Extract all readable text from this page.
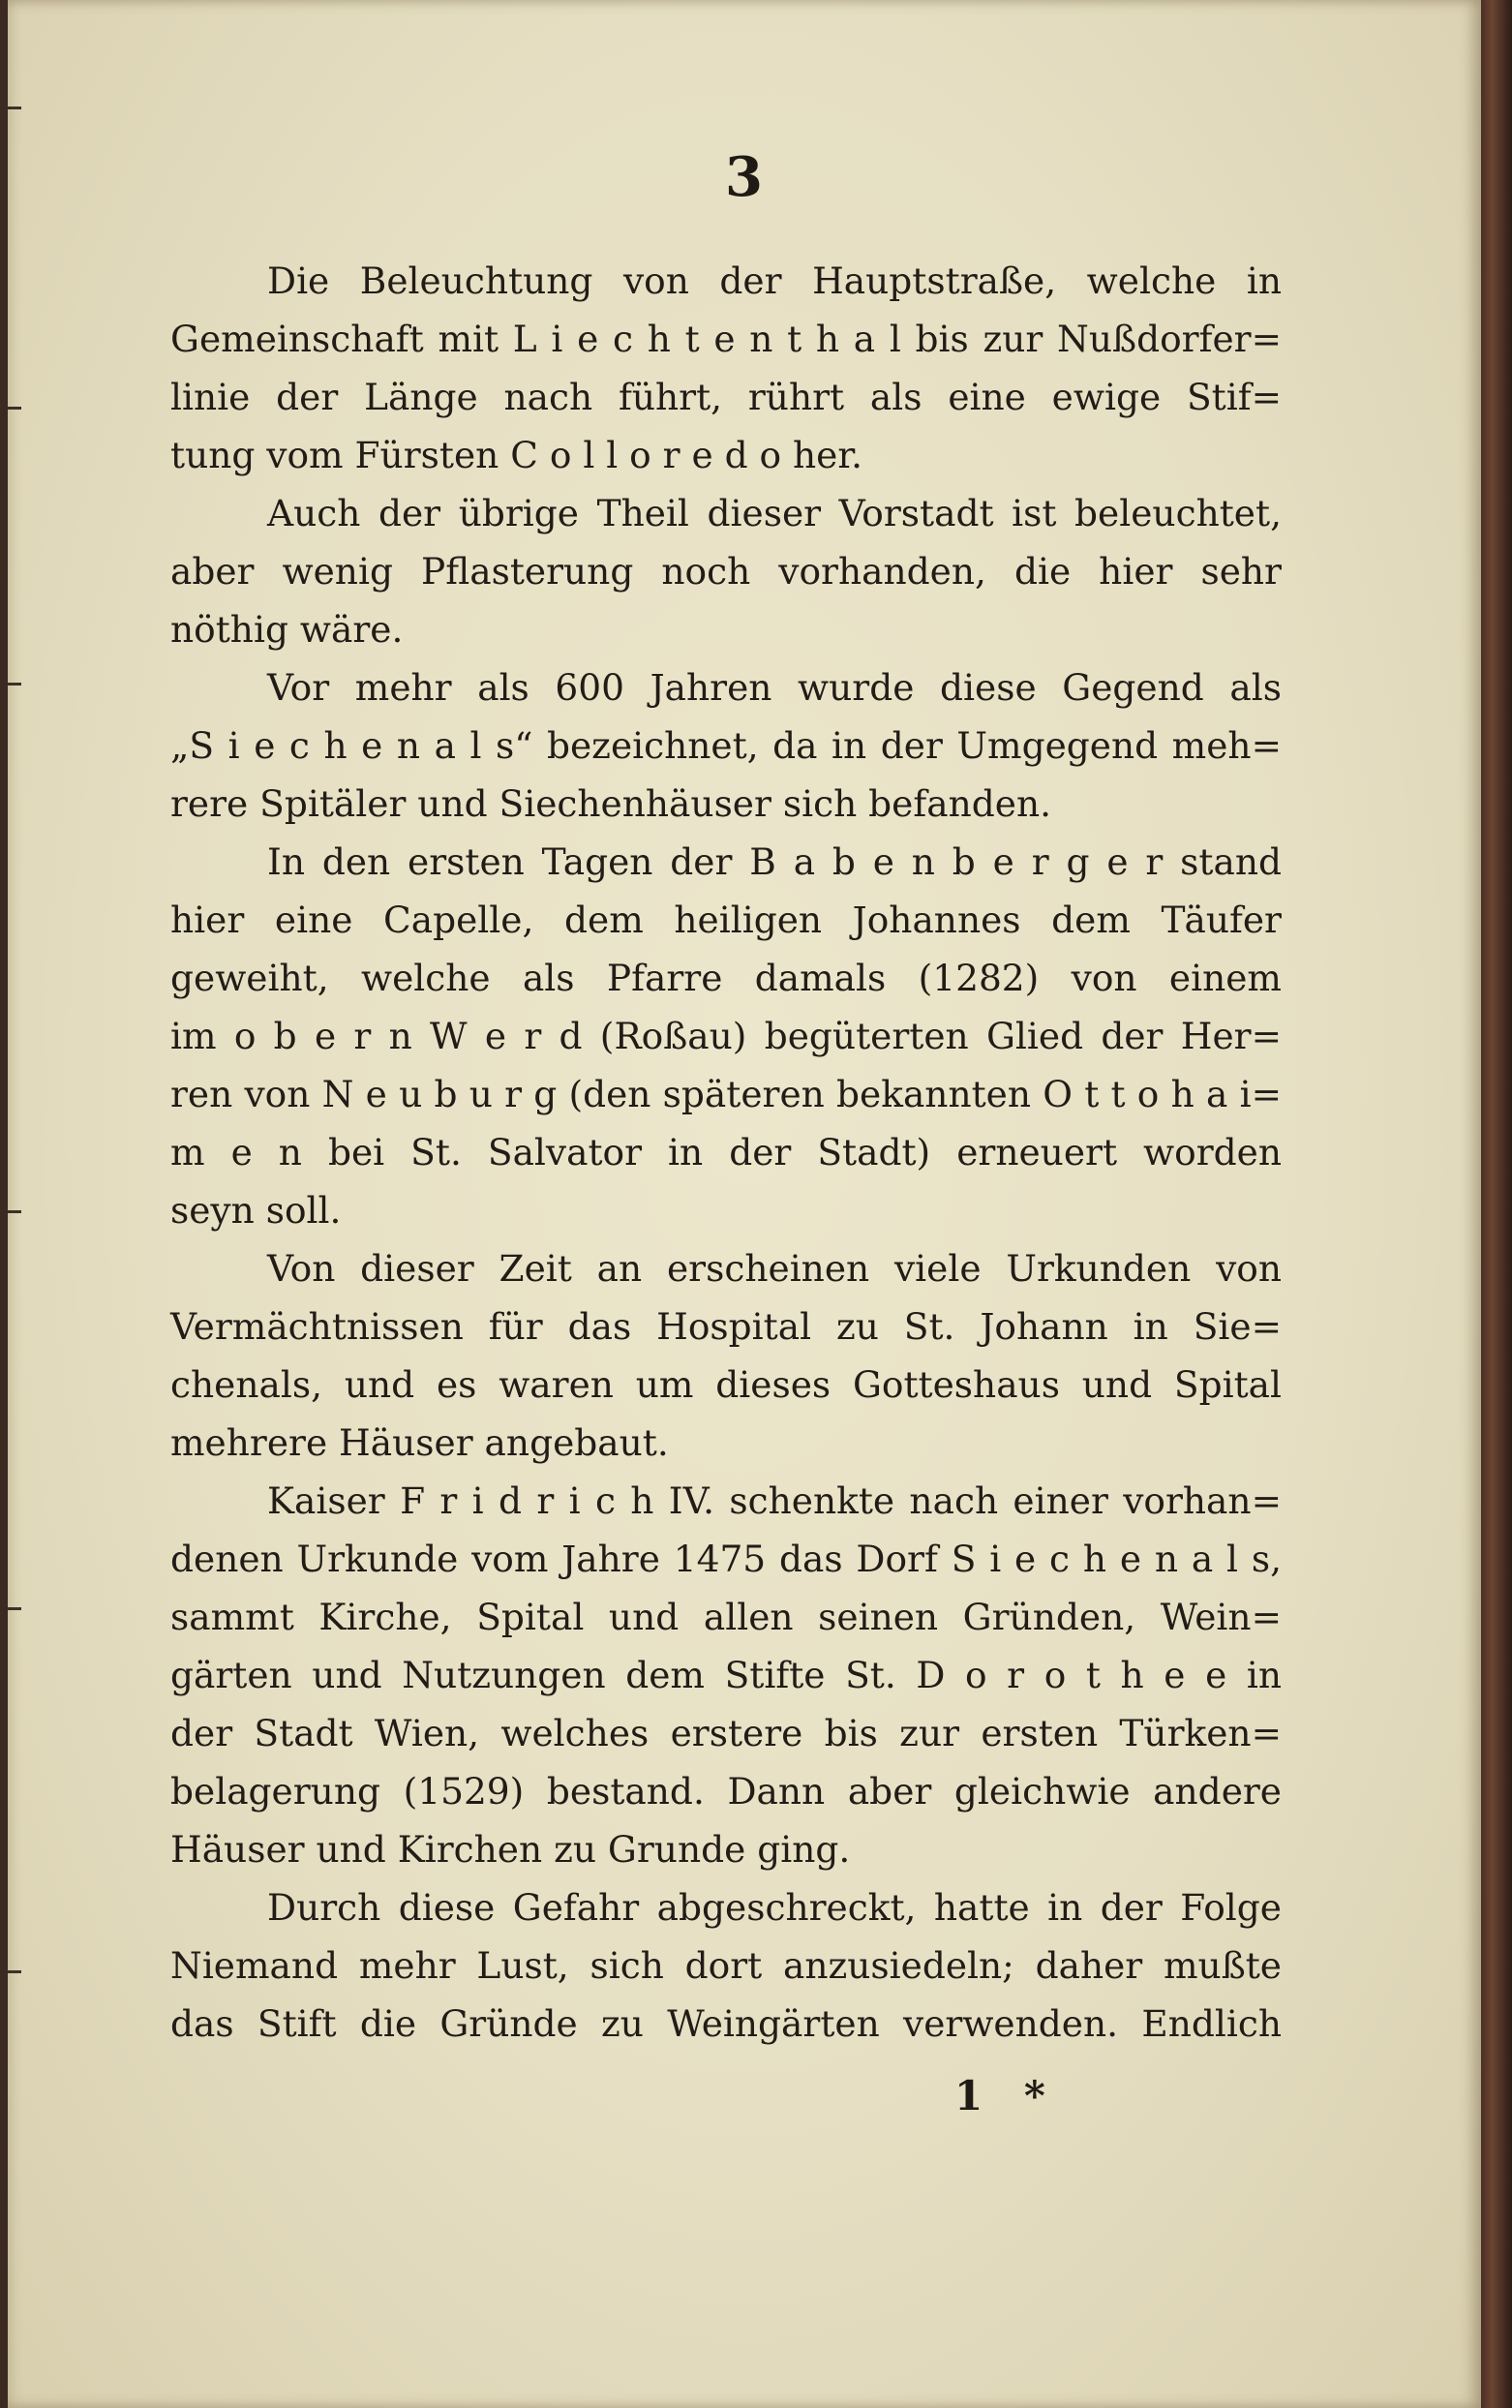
3
Die Beleuchtung von der Hauptstraße, welche in
Gemeinschaft mit L i e c h t e n t h a l bis zur Nußdorfer=
linie der Länge nach führt, rührt als eine ewige Stif=
tung vom Fürsten C o l l o r e d o her.
Auch der übrige Theil dieser Vorstadt ist beleuchtet,
aber wenig Pflasterung noch vorhanden, die hier sehr
nöthig wäre.
Vor mehr als 600 Jahren wurde diese Gegend als
„S i e c h e n a l s“ bezeichnet, da in der Umgegend meh=
rere Spitäler und Siechenhäuser sich befanden.
In den ersten Tagen der B a b e n b e r g e r stand
hier eine Capelle, dem heiligen Johannes dem Täufer
geweiht, welche als Pfarre damals (1282) von einem
im o b e r n W e r d (Roßau) begüterten Glied der Her=
ren von N e u b u r g (den späteren bekannten O t t o h a i=
m e n bei St. Salvator in der Stadt) erneuert worden
seyn soll.
Von dieser Zeit an erscheinen viele Urkunden von
Vermächtnissen für das Hospital zu St. Johann in Sie=
chenals, und es waren um dieses Gotteshaus und Spital
mehrere Häuser angebaut.
Kaiser F r i d r i c h IV. schenkte nach einer vorhan=
denen Urkunde vom Jahre 1475 das Dorf S i e c h e n a l s,
sammt Kirche, Spital und allen seinen Gründen, Wein=
gärten und Nutzungen dem Stifte St. D o r o t h e e in
der Stadt Wien, welches erstere bis zur ersten Türken=
belagerung (1529) bestand. Dann aber gleichwie andere
Häuser und Kirchen zu Grunde ging.
Durch diese Gefahr abgeschreckt, hatte in der Folge
Niemand mehr Lust, sich dort anzusiedeln; daher mußte
das Stift die Gründe zu Weingärten verwenden. Endlich
1 *
